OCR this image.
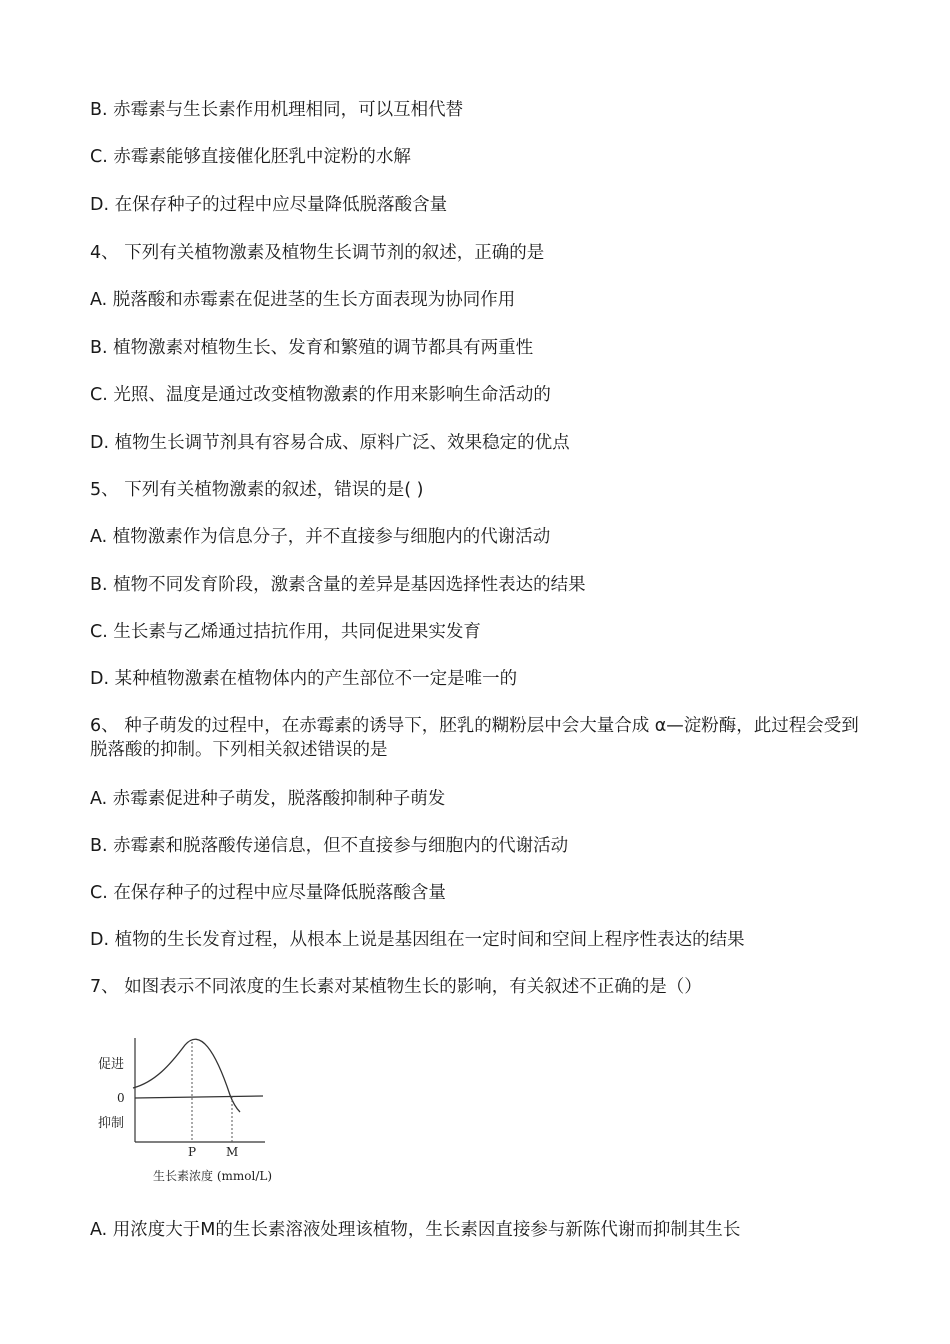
B. 赤霉素与生长素作用机理相同，可以互相代替
C. 赤霉素能够直接催化胚乳中淀粉的水解
D. 在保存种子的过程中应尽量降低脱落酸含量
4、 下列有关植物激素及植物生长调节剂的叙述，正确的是
A. 脱落酸和赤霉素在促进茎的生长方面表现为协同作用
B. 植物激素对植物生长、发育和繁殖的调节都具有两重性
C. 光照、温度是通过改变植物激素的作用来影响生命活动的
D. 植物生长调节剂具有容易合成、原料广泛、效果稳定的优点
5、 下列有关植物激素的叙述，错误的是( )
A. 植物激素作为信息分子，并不直接参与细胞内的代谢活动
B. 植物不同发育阶段，激素含量的差异是基因选择性表达的结果
C. 生长素与乙烯通过拮抗作用，共同促进果实发育
D. 某种植物激素在植物体内的产生部位不一定是唯一的
6、 种子萌发的过程中，在赤霉素的诱导下，胚乳的糊粉层中会大量合成 α—淀粉酶，此过程会受到脱落酸的抑制。下列相关叙述错误的是
A. 赤霉素促进种子萌发，脱落酸抑制种子萌发
B. 赤霉素和脱落酸传递信息，但不直接参与细胞内的代谢活动
C. 在保存种子的过程中应尽量降低脱落酸含量
D. 植物的生长发育过程，从根本上说是基因组在一定时间和空间上程序性表达的结果
7、 如图表示不同浓度的生长素对某植物生长的影响，有关叙述不正确的是（）
促进
0
抑制
P M
生长素浓度 (mmol/L)
A. 用浓度大于M的生长素溶液处理该植物，生长素因直接参与新陈代谢而抑制其生长
